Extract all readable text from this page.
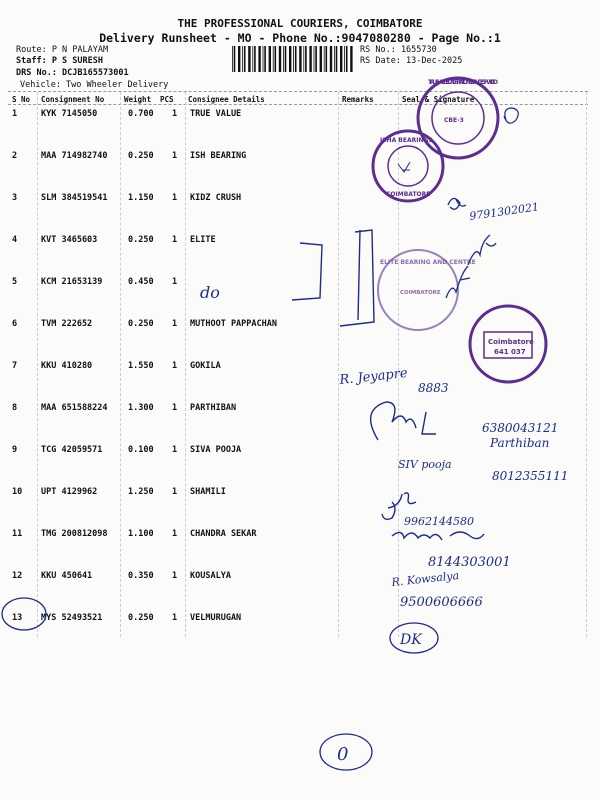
THE PROFESSIONAL COURIERS, COIMBATORE
Delivery Runsheet - MO - Phone No.:9047080280 - Page No.:1
Route: P N PALAYAM
Staff: P S SURESH
DRS No.: DCJB165573001
Vehicle: Two Wheeler Delivery
RS No.: 1655730
RS Date: 13-Dec-2025
S No Consignment No	Weight PCS Consignee Details	Remarks	Seal & Signature
1	KYK 7145050	0.700 1 TRUE VALUE
2	MAA 714982740 0.250 1 ISH BEARING
3	SLM 384519541 1.150 1 KIDZ CRUSH
4	KVT 3465603	0.250 1 ELITE
5	KCM 21653139	0.450 1
6	TVM 222652	0.250 1 MUTHOOT PAPPACHAN
7	KKU 410280	1.550 1 GOKILA
8	MAA 651588224 1.300 1 PARTHIBAN
9	TCG 42059571	0.100 1 SIVA POOJA
10 UPT 4129962	1.250 1 SHAMILI
11 TMG 200812098 1.100 1 CHANDRA SEKAR
12 KKU 450641	0.350 1 KOUSALYA
13 MYS 52493521	0.250 1 VELMURUGAN
TRUE VALUE CALIBRATION SERVICES PVT LTD
CBE-3
ISHA BEARINGS
COIMBATORE
9791302021
do
ELITE BEARING AND CENTRE
COIMBATORE
Coimbatore
641 037
R. Jeyapre
8883
6380043121
Parthiban
SIV pooja
8012355111
9962144580
8144303001
R. Kowsalya
9500606666
DK
0
